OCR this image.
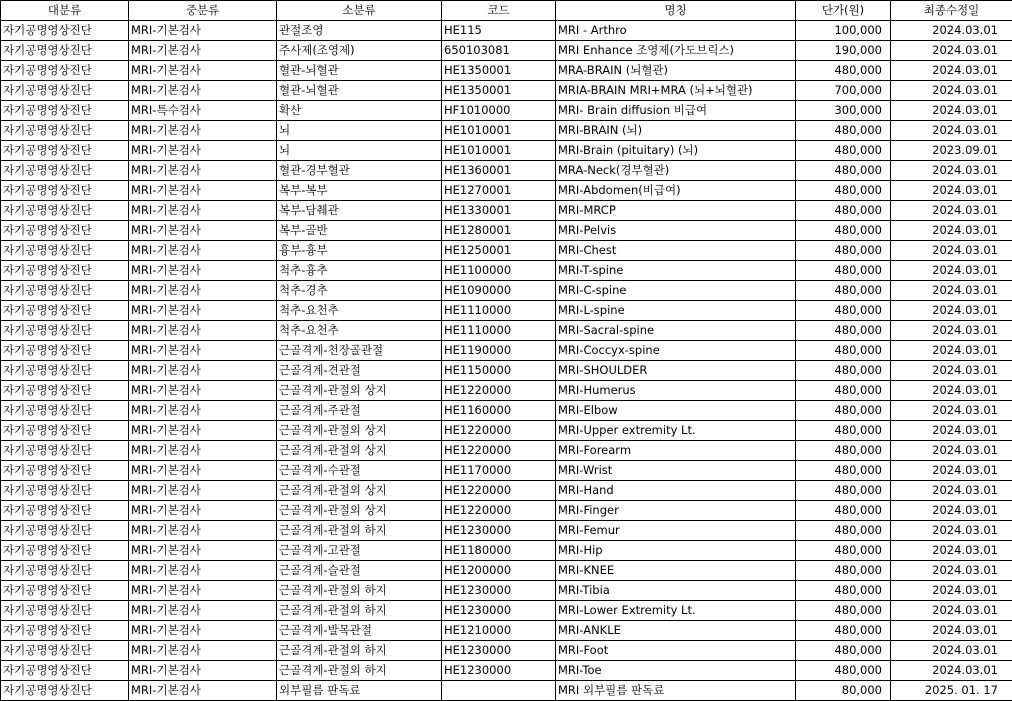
대분류	중분류	소분류	코드	명칭	단가(원)	최종수정일
자기공명영상진단	MRI-기본검사	관절조영	HE115	MRI - Arthro	100,000	2024.03.01
자기공명영상진단	MRI-기본검사	주사제(조영제)	650103081	MRI Enhance 조영제(가도브릭스)	190,000	2024.03.01
자기공명영상진단	MRI-기본검사	혈관-뇌혈관	HE1350001	MRA-BRAIN (뇌혈관)	480,000	2024.03.01
자기공명영상진단	MRI-기본검사	혈관-뇌혈관	HE1350001	MRIA-BRAIN MRI+MRA (뇌+뇌혈관)	700,000	2024.03.01
자기공명영상진단	MRI-특수검사	확산	HF1010000	MRI- Brain diffusion 비급여	300,000	2024.03.01
자기공명영상진단	MRI-기본검사	뇌	HE1010001	MRI-BRAIN (뇌)	480,000	2024.03.01
자기공명영상진단	MRI-기본검사	뇌	HE1010001	MRI-Brain (pituitary) (뇌)	480,000	2023.09.01
자기공명영상진단	MRI-기본검사	혈관-경부혈관	HE1360001	MRA-Neck(경부혈관)	480,000	2024.03.01
자기공명영상진단	MRI-기본검사	복부-복부	HE1270001	MRI-Abdomen(비급여)	480,000	2024.03.01
자기공명영상진단	MRI-기본검사	복부-담췌관	HE1330001	MRI-MRCP	480,000	2024.03.01
자기공명영상진단	MRI-기본검사	복부-골반	HE1280001	MRI-Pelvis	480,000	2024.03.01
자기공명영상진단	MRI-기본검사	흉부-흉부	HE1250001	MRI-Chest	480,000	2024.03.01
자기공명영상진단	MRI-기본검사	척추-흉추	HE1100000	MRI-T-spine	480,000	2024.03.01
자기공명영상진단	MRI-기본검사	척추-경추	HE1090000	MRI-C-spine	480,000	2024.03.01
자기공명영상진단	MRI-기본검사	척추-요천추	HE1110000	MRI-L-spine	480,000	2024.03.01
자기공명영상진단	MRI-기본검사	척추-요천추	HE1110000	MRI-Sacral-spine	480,000	2024.03.01
자기공명영상진단	MRI-기본검사	근골격계-천장골관절	HE1190000	MRI-Coccyx-spine	480,000	2024.03.01
자기공명영상진단	MRI-기본검사	근골격계-견관절	HE1150000	MRI-SHOULDER	480,000	2024.03.01
자기공명영상진단	MRI-기본검사	근골격계-관절외 상지	HE1220000	MRI-Humerus	480,000	2024.03.01
자기공명영상진단	MRI-기본검사	근골격계-주관절	HE1160000	MRI-Elbow	480,000	2024.03.01
자기공명영상진단	MRI-기본검사	근골격계-관절외 상지	HE1220000	MRI-Upper extremity Lt.	480,000	2024.03.01
자기공명영상진단	MRI-기본검사	근골격계-관절외 상지	HE1220000	MRI-Forearm	480,000	2024.03.01
자기공명영상진단	MRI-기본검사	근골격계-수관절	HE1170000	MRI-Wrist	480,000	2024.03.01
자기공명영상진단	MRI-기본검사	근골격계-관절외 상지	HE1220000	MRI-Hand	480,000	2024.03.01
자기공명영상진단	MRI-기본검사	근골격계-관절외 상지	HE1220000	MRI-Finger	480,000	2024.03.01
자기공명영상진단	MRI-기본검사	근골격계-관절외 하지	HE1230000	MRI-Femur	480,000	2024.03.01
자기공명영상진단	MRI-기본검사	근골격계-고관절	HE1180000	MRI-Hip	480,000	2024.03.01
자기공명영상진단	MRI-기본검사	근골격계-슬관절	HE1200000	MRI-KNEE	480,000	2024.03.01
자기공명영상진단	MRI-기본검사	근골격계-관절외 하지	HE1230000	MRI-Tibia	480,000	2024.03.01
자기공명영상진단	MRI-기본검사	근골격계-관절외 하지	HE1230000	MRI-Lower Extremity Lt.	480,000	2024.03.01
자기공명영상진단	MRI-기본검사	근골격계-발목관절	HE1210000	MRI-ANKLE	480,000	2024.03.01
자기공명영상진단	MRI-기본검사	근골격계-관절외 하지	HE1230000	MRI-Foot	480,000	2024.03.01
자기공명영상진단	MRI-기본검사	근골격계-관절외 하지	HE1230000	MRI-Toe	480,000	2024.03.01
자기공명영상진단	MRI-기본검사	외부필름 판독료		MRI 외부필름 판독료	80,000	2025. 01. 17
